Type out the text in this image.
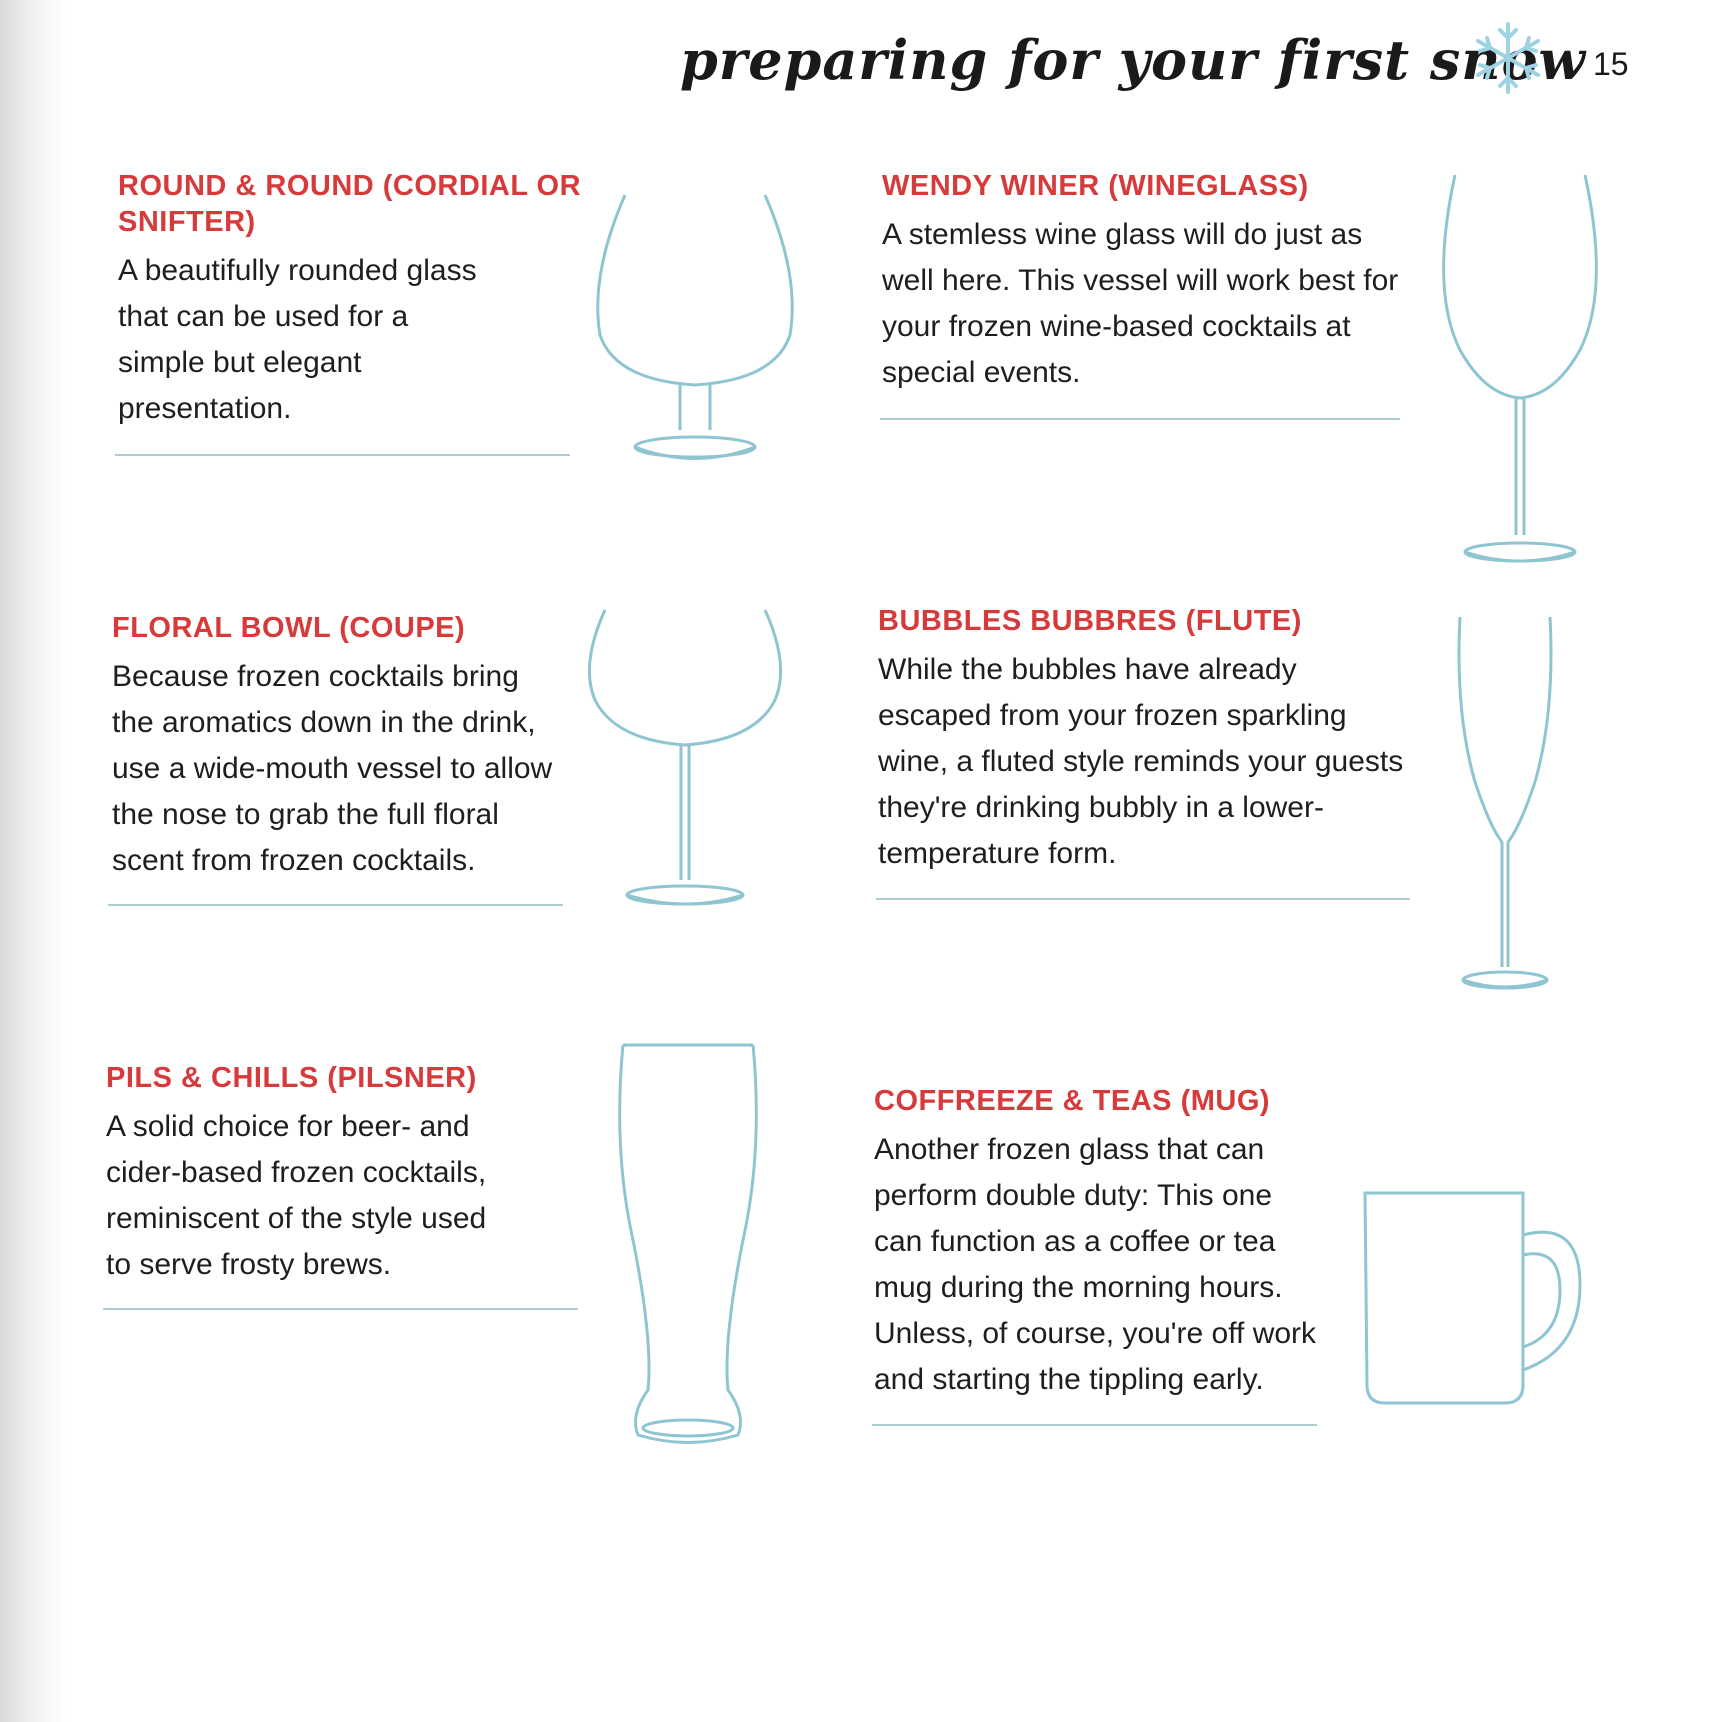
preparing for your first snow 15
ROUND & ROUND (CORDIAL OR SNIFTER)

A beautifully rounded glass that can be used for a simple but elegant presentation.

WENDY WINER (WINEGLASS)

A stemless wine glass will do just as well here. This vessel will work best for your frozen wine-based cocktails at special events.

FLORAL BOWL (COUPE)

Because frozen cocktails bring the aromatics down in the drink, use a wide-mouth vessel to allow the nose to grab the full floral scent from frozen cocktails.

BUBBLES BUBBRES (FLUTE)

While the bubbles have already escaped from your frozen sparkling wine, a fluted style reminds your guests they're drinking bubbly in a lower-temperature form.

PILS & CHILLS (PILSNER)

A solid choice for beer- and cider-based frozen cocktails, reminiscent of the style used to serve frosty brews.

COFFREEZE & TEAS (MUG)

Another frozen glass that can perform double duty: This one can function as a coffee or tea mug during the morning hours. Unless, of course, you're off work and starting the tippling early.
